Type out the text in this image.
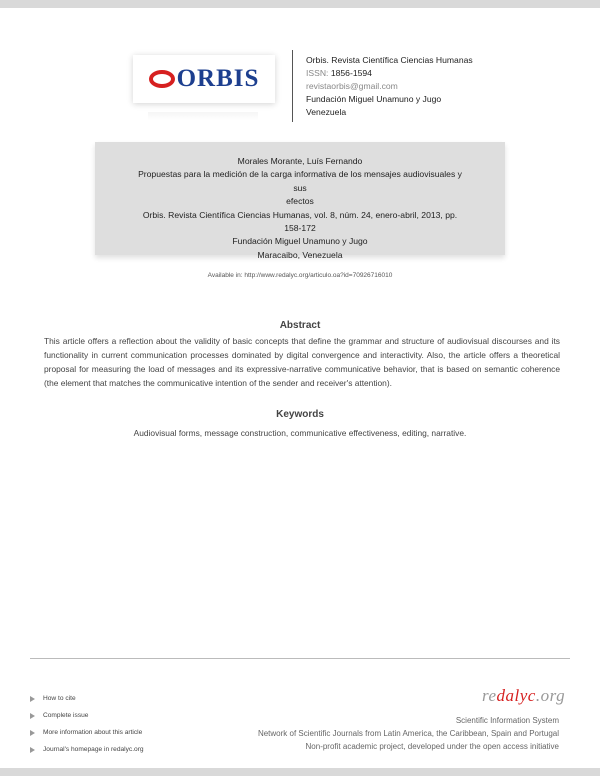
ORBIS
Orbis. Revista Científica Ciencias Humanas
ISSN: 1856-1594
revistaorbis@gmail.com
Fundación Miguel Unamuno y Jugo
Venezuela
Morales Morante, Luís Fernando
Propuestas para la medición de la carga informativa de los mensajes audiovisuales y sus
efectos
Orbis. Revista Científica Ciencias Humanas, vol. 8, núm. 24, enero-abril, 2013, pp. 158-172
Fundación Miguel Unamuno y Jugo
Maracaibo, Venezuela
Available in: http://www.redalyc.org/articulo.oa?id=70926716010
Abstract
This article offers a reflection about the validity of basic concepts that define the grammar and structure of audiovisual discourses and its functionality in current communication processes dominated by digital convergence and interactivity. Also, the article offers a theoretical proposal for measuring the load of messages and its expressive-narrative communicative behavior, that is based on semantic coherence (the element that matches the communicative intention of the sender and receiver's attention).
Keywords
Audiovisual forms, message construction, communicative effectiveness, editing, narrative.
How to cite
Complete issue
More information about this article
Journal's homepage in redalyc.org
redalyc.org
Scientific Information System
Network of Scientific Journals from Latin America, the Caribbean, Spain and Portugal
Non-profit academic project, developed under the open access initiative
